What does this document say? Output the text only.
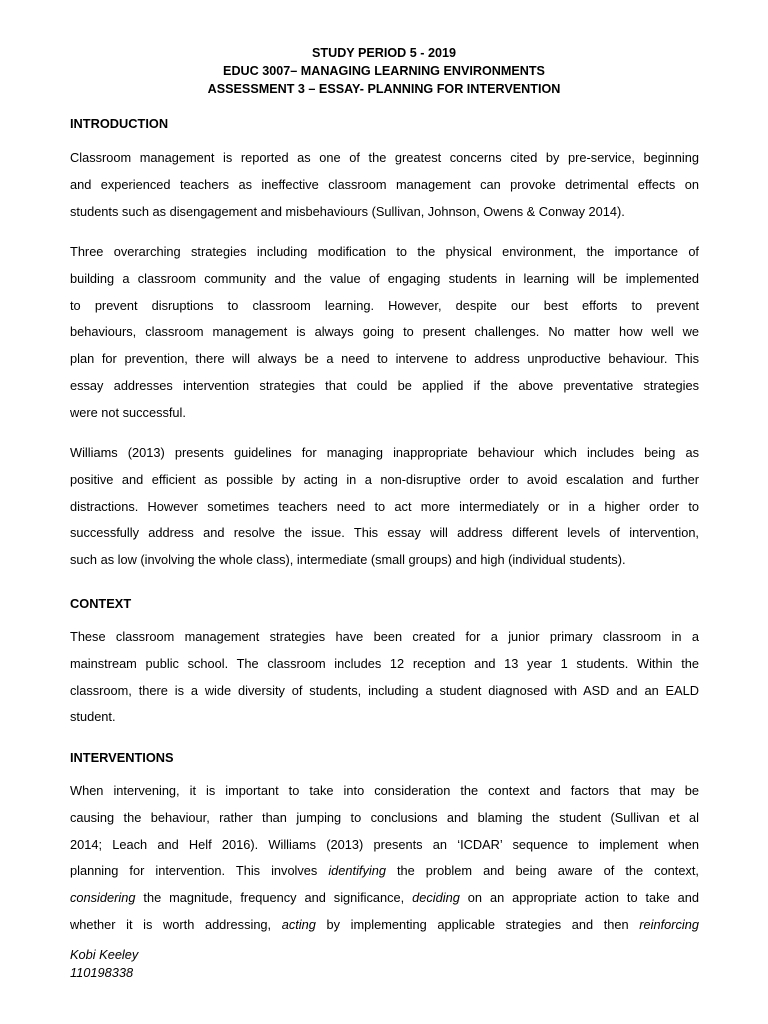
STUDY PERIOD 5 - 2019
EDUC 3007– MANAGING LEARNING ENVIRONMENTS
ASSESSMENT 3 – ESSAY- PLANNING FOR INTERVENTION
INTRODUCTION
Classroom management is reported as one of the greatest concerns cited by pre-service, beginning
and experienced teachers as ineffective classroom management can provoke detrimental effects on
students such as disengagement and misbehaviours (Sullivan, Johnson, Owens & Conway 2014).
Three overarching strategies including modification to the physical environment, the importance of
building a classroom community and the value of engaging students in learning will be implemented
to prevent disruptions to classroom learning. However, despite our best efforts to prevent
behaviours, classroom management is always going to present challenges. No matter how well we
plan for prevention, there will always be a need to intervene to address unproductive behaviour. This
essay addresses intervention strategies that could be applied if the above preventative strategies
were not successful.
Williams (2013) presents guidelines for managing inappropriate behaviour which includes being as
positive and efficient as possible by acting in a non-disruptive order to avoid escalation and further
distractions. However sometimes teachers need to act more intermediately or in a higher order to
successfully address and resolve the issue. This essay will address different levels of intervention,
such as low (involving the whole class), intermediate (small groups) and high (individual students).
CONTEXT
These classroom management strategies have been created for a junior primary classroom in a
mainstream public school. The classroom includes 12 reception and 13 year 1 students. Within the
classroom, there is a wide diversity of students, including a student diagnosed with ASD and an EALD
student.
INTERVENTIONS
When intervening, it is important to take into consideration the context and factors that may be
causing the behaviour, rather than jumping to conclusions and blaming the student (Sullivan et al
2014; Leach and Helf 2016). Williams (2013) presents an ‘ICDAR’ sequence to implement when
planning for intervention. This involves identifying the problem and being aware of the context,
considering the magnitude, frequency and significance, deciding on an appropriate action to take and
whether it is worth addressing, acting by implementing applicable strategies and then reinforcing
Kobi Keeley
110198338
